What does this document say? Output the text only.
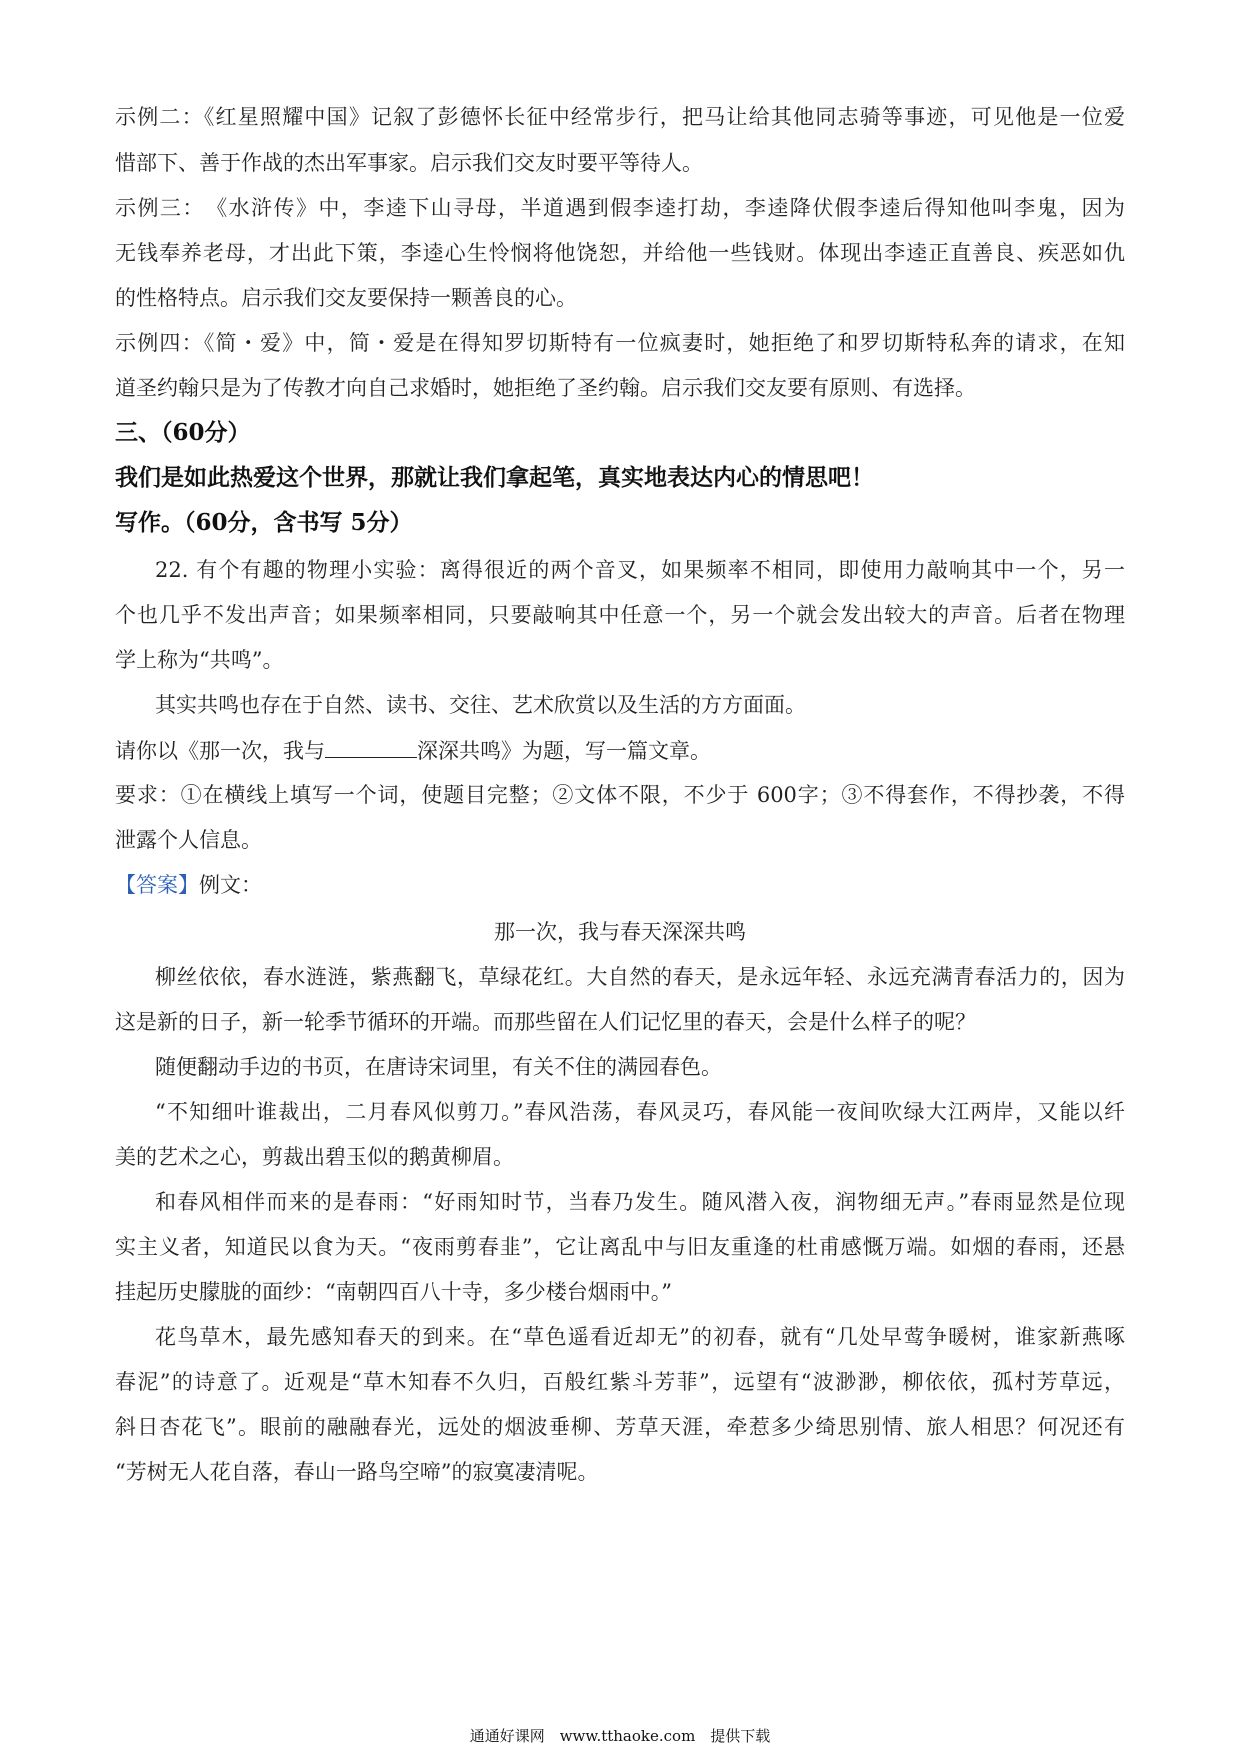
示例二：《红星照耀中国》记叙了彭德怀长征中经常步行，把马让给其他同志骑等事迹，可见他是一位爱
惜部下、善于作战的杰出军事家。启示我们交友时要平等待人。
示例三：　《水浒传》中，李逵下山寻母，半道遇到假李逵打劫，李逵降伏假李逵后得知他叫李鬼，因为
无钱奉养老母，才出此下策，李逵心生怜悯将他饶恕，并给他一些钱财。体现出李逵正直善良、疾恶如仇
的性格特点。启示我们交友要保持一颗善良的心。
示例四：《简・爱》中，简・爱是在得知罗切斯特有一位疯妻时，她拒绝了和罗切斯特私奔的请求，在知
道圣约翰只是为了传教才向自己求婚时，她拒绝了圣约翰。启示我们交友要有原则、有选择。
三、（60分）
我们是如此热爱这个世界，那就让我们拿起笔，真实地表达内心的情思吧！
写作。（60分，含书写 5分）
22. 有个有趣的物理小实验：离得很近的两个音叉，如果频率不相同，即使用力敲响其中一个，另一
个也几乎不发出声音；如果频率相同，只要敲响其中任意一个，另一个就会发出较大的声音。后者在物理
学上称为“共鸣”。
其实共鸣也存在于自然、读书、交往、艺术欣赏以及生活的方方面面。
请你以《那一次，我与	深深共鸣》为题，写一篇文章。
要求：①在横线上填写一个词，使题目完整；②文体不限，不少于 600字；③不得套作，不得抄袭，不得
泄露个人信息。
【答案】例文：
那一次，我与春天深深共鸣
柳丝依依，春水涟涟，紫燕翻飞，草绿花红。大自然的春天，是永远年轻、永远充满青春活力的，因为
这是新的日子，新一轮季节循环的开端。而那些留在人们记忆里的春天，会是什么样子的呢？
随便翻动手边的书页，在唐诗宋词里，有关不住的满园春色。
“不知细叶谁裁出，二月春风似剪刀。”春风浩荡，春风灵巧，春风能一夜间吹绿大江两岸，又能以纤
美的艺术之心，剪裁出碧玉似的鹅黄柳眉。
和春风相伴而来的是春雨：“好雨知时节，当春乃发生。随风潜入夜，润物细无声。”春雨显然是位现
实主义者，知道民以食为天。“夜雨剪春韭”，它让离乱中与旧友重逢的杜甫感慨万端。如烟的春雨，还悬
挂起历史朦胧的面纱：“南朝四百八十寺，多少楼台烟雨中。”
花鸟草木，最先感知春天的到来。在“草色遥看近却无”的初春，就有“几处早莺争暖树，谁家新燕啄
春泥”的诗意了。近观是“草木知春不久归，百般红紫斗芳菲”，远望有“波渺渺，柳依依，孤村芳草远，
斜日杏花飞”。眼前的融融春光，远处的烟波垂柳、芳草天涯，牵惹多少绮思别情、旅人相思？何况还有
“芳树无人花自落，春山一路鸟空啼”的寂寞凄清呢。
通通好课网　www.tthaoke.com　提供下载
